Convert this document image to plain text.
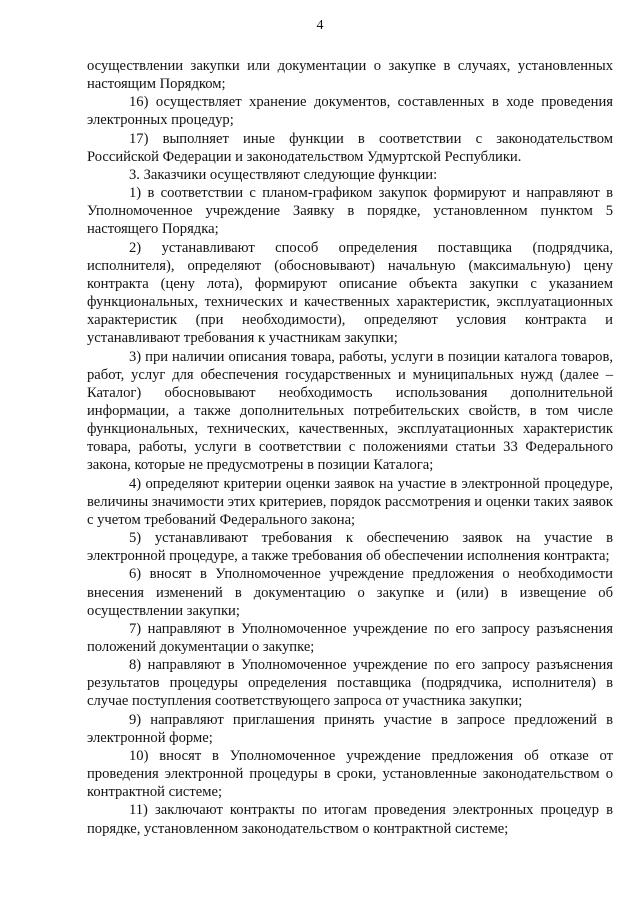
4

осуществлении закупки или документации о закупке в случаях, установленных настоящим Порядком;

16) осуществляет хранение документов, составленных в ходе проведения электронных процедур;

17) выполняет иные функции в соответствии с законодательством Российской Федерации и законодательством Удмуртской Республики.

3. Заказчики осуществляют следующие функции:

1) в соответствии с планом-графиком закупок формируют и направляют в Уполномоченное учреждение Заявку в порядке, установленном пунктом 5 настоящего Порядка;

2) устанавливают способ определения поставщика (подрядчика, исполнителя), определяют (обосновывают) начальную (максимальную) цену контракта (цену лота), формируют описание объекта закупки с указанием функциональных, технических и качественных характеристик, эксплуатационных характеристик (при необходимости), определяют условия контракта и устанавливают требования к участникам закупки;

3) при наличии описания товара, работы, услуги в позиции каталога товаров, работ, услуг для обеспечения государственных и муниципальных нужд (далее – Каталог) обосновывают необходимость использования дополнительной информации, а также дополнительных потребительских свойств, в том числе функциональных, технических, качественных, эксплуатационных характеристик товара, работы, услуги в соответствии с положениями статьи 33 Федерального закона, которые не предусмотрены в позиции Каталога;

4) определяют критерии оценки заявок на участие в электронной процедуре, величины значимости этих критериев, порядок рассмотрения и оценки таких заявок с учетом требований Федерального закона;

5) устанавливают требования к обеспечению заявок на участие в электронной процедуре, а также требования об обеспечении исполнения контракта;

6) вносят в Уполномоченное учреждение предложения о необходимости внесения изменений в документацию о закупке и (или) в извещение об осуществлении закупки;

7) направляют в Уполномоченное учреждение по его запросу разъяснения положений документации о закупке;

8) направляют в Уполномоченное учреждение по его запросу разъяснения результатов процедуры определения поставщика (подрядчика, исполнителя) в случае поступления соответствующего запроса от участника закупки;

9) направляют приглашения принять участие в запросе предложений в электронной форме;

10) вносят в Уполномоченное учреждение предложения об отказе от проведения электронной процедуры в сроки, установленные законодательством о контрактной системе;

11) заключают контракты по итогам проведения электронных процедур в порядке, установленном законодательством о контрактной системе;
